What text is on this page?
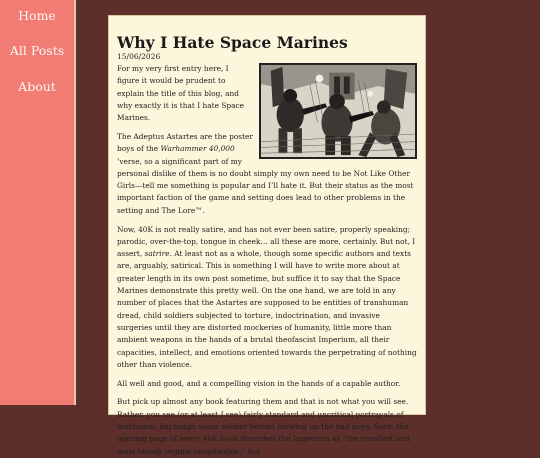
Home
All Posts
About
Why I Hate Space Marines
15/06/2026

For my very first entry here, I figure it would be prudent to explain the title of this blog, and why exactly it is that I hate Space Marines.

The Adeptus Astartes are the poster boys of the Warhammer 40,000 ’verse, so a significant part of my personal dislike of them is no doubt simply my own need to be Not Like Other Girls—tell me something is popular and I’ll hate it. But their status as the most important faction of the game and setting does lead to other problems in the setting and The Lore™.

Now, 40K is not really satire, and has not ever been satire, properly speaking; parodic, over-the-top, tongue in cheek… all these are more, certainly. But not, I assert, satrire. At least not as a whole, though some specific authors and texts are, arguably, satirical. This is something I will have to write more about at greater length in its own post sometime, but suffice it to say that the Space Marines demonstrate this pretty well. On the one hand, we are told in any number of places that the Astartes are supposed to be entities of transhuman dread, child soldiers subjected to torture, indoctrination, and invasive surgeries until they are distorted mockeries of humanity, little more than ambient weapons in the hands of a brutal theofascist Imperium, all their capacities, intellect, and emotions oriented towards the perpetrating of nothing other than violence.

All well and good, and a compelling vision in the hands of a capable author.

But pick up almost any book featuring them and that is not what you will see. Rather, you see (or at least I see) fairly standard and uncritical portrayals of machismo, big tough space soldier heroes blowing up the bad guys. Sure, the opening page of every 40K book describes the Imperium as “the cruellest and most bloody regime imagineable,” but
